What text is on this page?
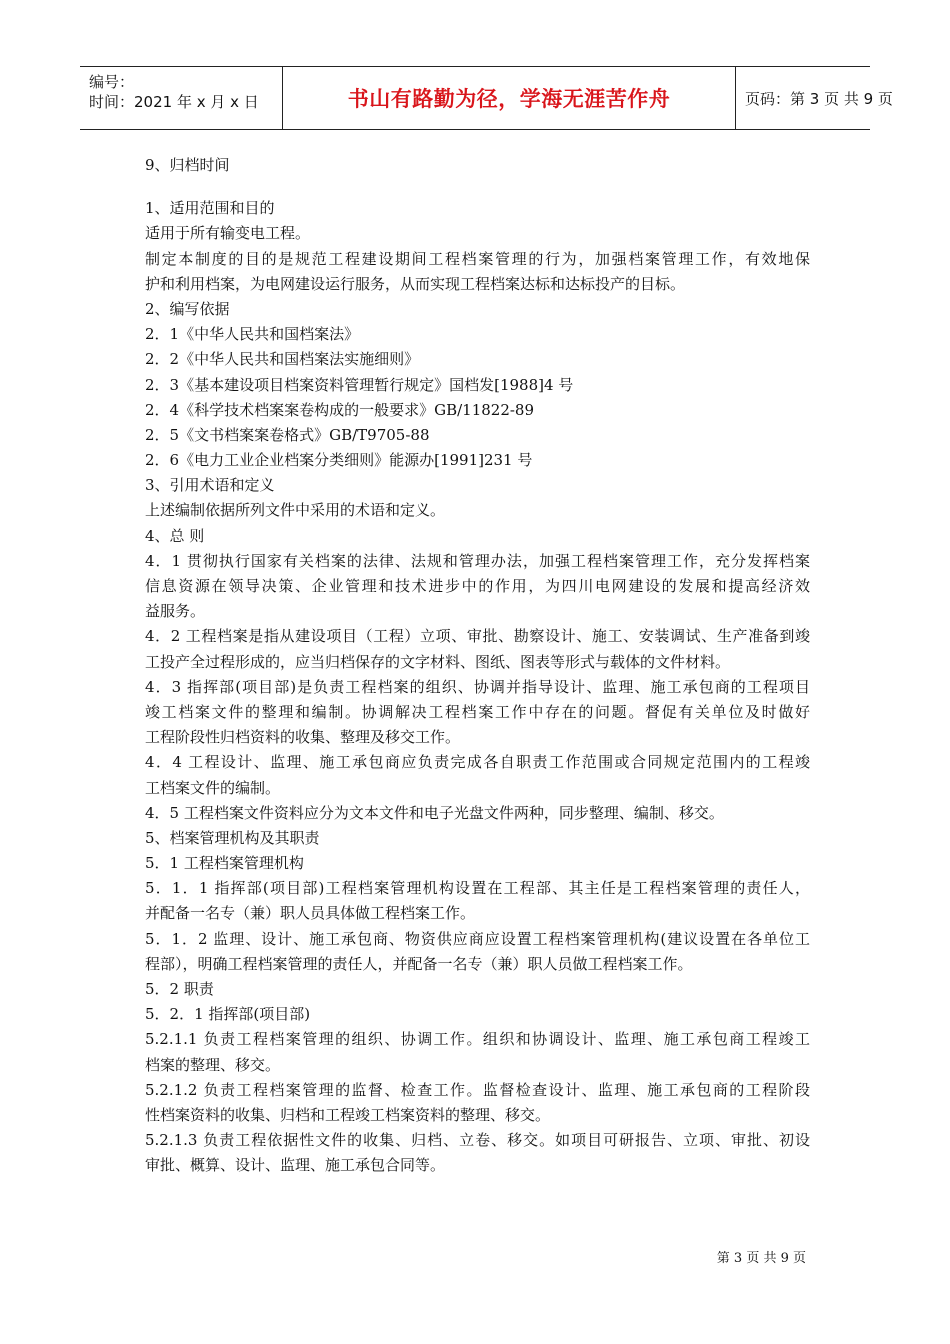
编号：
时间：2021 年 x 月 x 日	书山有路勤为径，学海无涯苦作舟	页码：第 3 页 共 9 页
9、归档时间
1、适用范围和目的
适用于所有输变电工程。
制定本制度的目的是规范工程建设期间工程档案管理的行为，加强档案管理工作，有效地保
护和利用档案，为电网建设运行服务，从而实现工程档案达标和达标投产的目标。
2、编写依据
2．1《中华人民共和国档案法》
2．2《中华人民共和国档案法实施细则》
2．3《基本建设项目档案资料管理暂行规定》国档发[1988]4 号
2．4《科学技术档案案卷构成的一般要求》GB/11822-89
2．5《文书档案案卷格式》GB/T9705-88
2．6《电力工业企业档案分类细则》能源办[1991]231 号
3、引用术语和定义
上述编制依据所列文件中采用的术语和定义。
4、总 则
4．1 贯彻执行国家有关档案的法律、法规和管理办法，加强工程档案管理工作，充分发挥档案
信息资源在领导决策、企业管理和技术进步中的作用，为四川电网建设的发展和提高经济效
益服务。
4．2 工程档案是指从建设项目（工程）立项、审批、勘察设计、施工、安装调试、生产准备到竣
工投产全过程形成的，应当归档保存的文字材料、图纸、图表等形式与载体的文件材料。
4．3 指挥部(项目部)是负责工程档案的组织、协调并指导设计、监理、施工承包商的工程项目
竣工档案文件的整理和编制。协调解决工程档案工作中存在的问题。督促有关单位及时做好
工程阶段性归档资料的收集、整理及移交工作。
4．4 工程设计、监理、施工承包商应负责完成各自职责工作范围或合同规定范围内的工程竣
工档案文件的编制。
4．5 工程档案文件资料应分为文本文件和电子光盘文件两种，同步整理、编制、移交。
5、档案管理机构及其职责
5．1 工程档案管理机构
5．1．1 指挥部(项目部)工程档案管理机构设置在工程部、其主任是工程档案管理的责任人，
并配备一名专（兼）职人员具体做工程档案工作。
5．1．2 监理、设计、施工承包商、物资供应商应设置工程档案管理机构(建议设置在各单位工
程部），明确工程档案管理的责任人，并配备一名专（兼）职人员做工程档案工作。
5．2 职责
5．2．1 指挥部(项目部)
5.2.1.1 负责工程档案管理的组织、协调工作。组织和协调设计、监理、施工承包商工程竣工
档案的整理、移交。
5.2.1.2 负责工程档案管理的监督、检查工作。监督检查设计、监理、施工承包商的工程阶段
性档案资料的收集、归档和工程竣工档案资料的整理、移交。
5.2.1.3 负责工程依据性文件的收集、归档、立卷、移交。如项目可研报告、立项、审批、初设
审批、概算、设计、监理、施工承包合同等。
第 3 页 共 9 页
